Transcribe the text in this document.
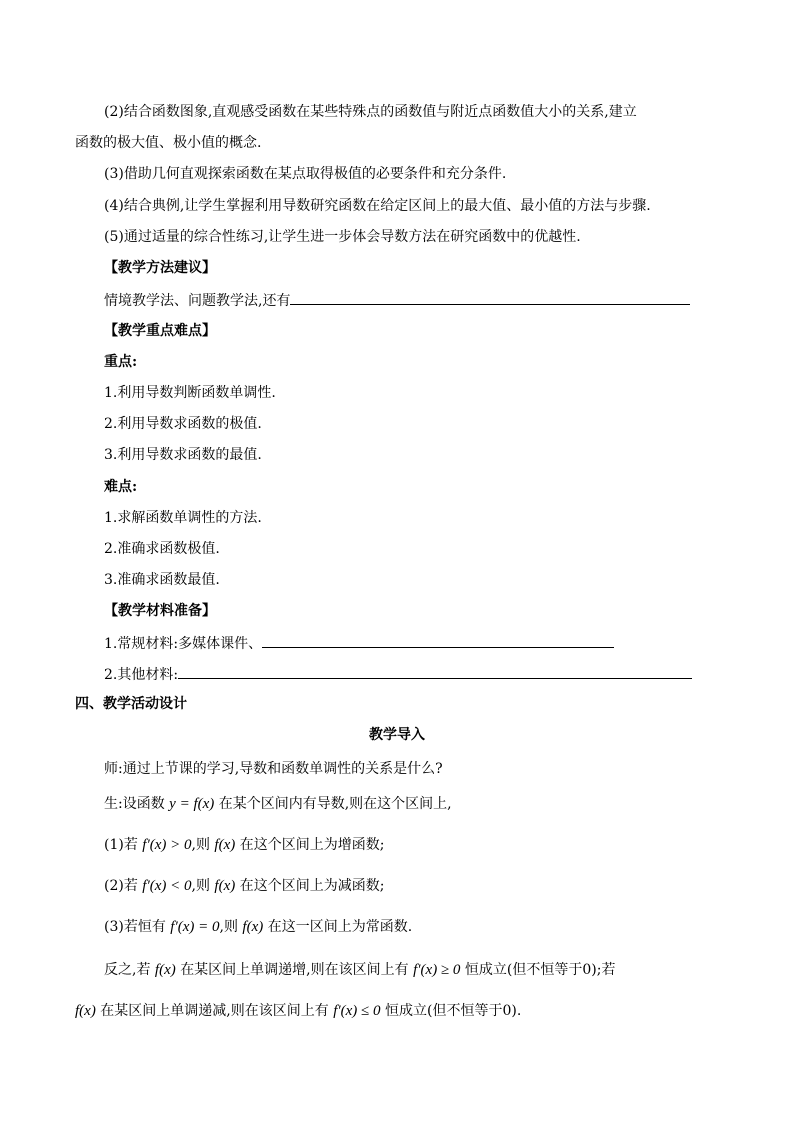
(2)结合函数图象,直观感受函数在某些特殊点的函数值与附近点函数值大小的关系,建立
函数的极大值、极小值的概念.
(3)借助几何直观探索函数在某点取得极值的必要条件和充分条件.
(4)结合典例,让学生掌握利用导数研究函数在给定区间上的最大值、最小值的方法与步骤.
(5)通过适量的综合性练习,让学生进一步体会导数方法在研究函数中的优越性.
【教学方法建议】
情境教学法、问题教学法,还有
【教学重点难点】
重点:
1.利用导数判断函数单调性.
2.利用导数求函数的极值.
3.利用导数求函数的最值.
难点:
1.求解函数单调性的方法.
2.准确求函数极值.
3.准确求函数最值.
【教学材料准备】
1.常规材料:多媒体课件、
2.其他材料:
四、教学活动设计
教学导入
师:通过上节课的学习,导数和函数单调性的关系是什么?
生:设函数 y = f(x) 在某个区间内有导数,则在这个区间上,
(1)若 f′(x) > 0,则 f(x) 在这个区间上为增函数;
(2)若 f′(x) < 0,则 f(x) 在这个区间上为减函数;
(3)若恒有 f′(x) = 0,则 f(x) 在这一区间上为常函数.
反之,若 f(x) 在某区间上单调递增,则在该区间上有 f′(x) ≥ 0 恒成立(但不恒等于0);若
f(x) 在某区间上单调递减,则在该区间上有 f′(x) ≤ 0 恒成立(但不恒等于0).
